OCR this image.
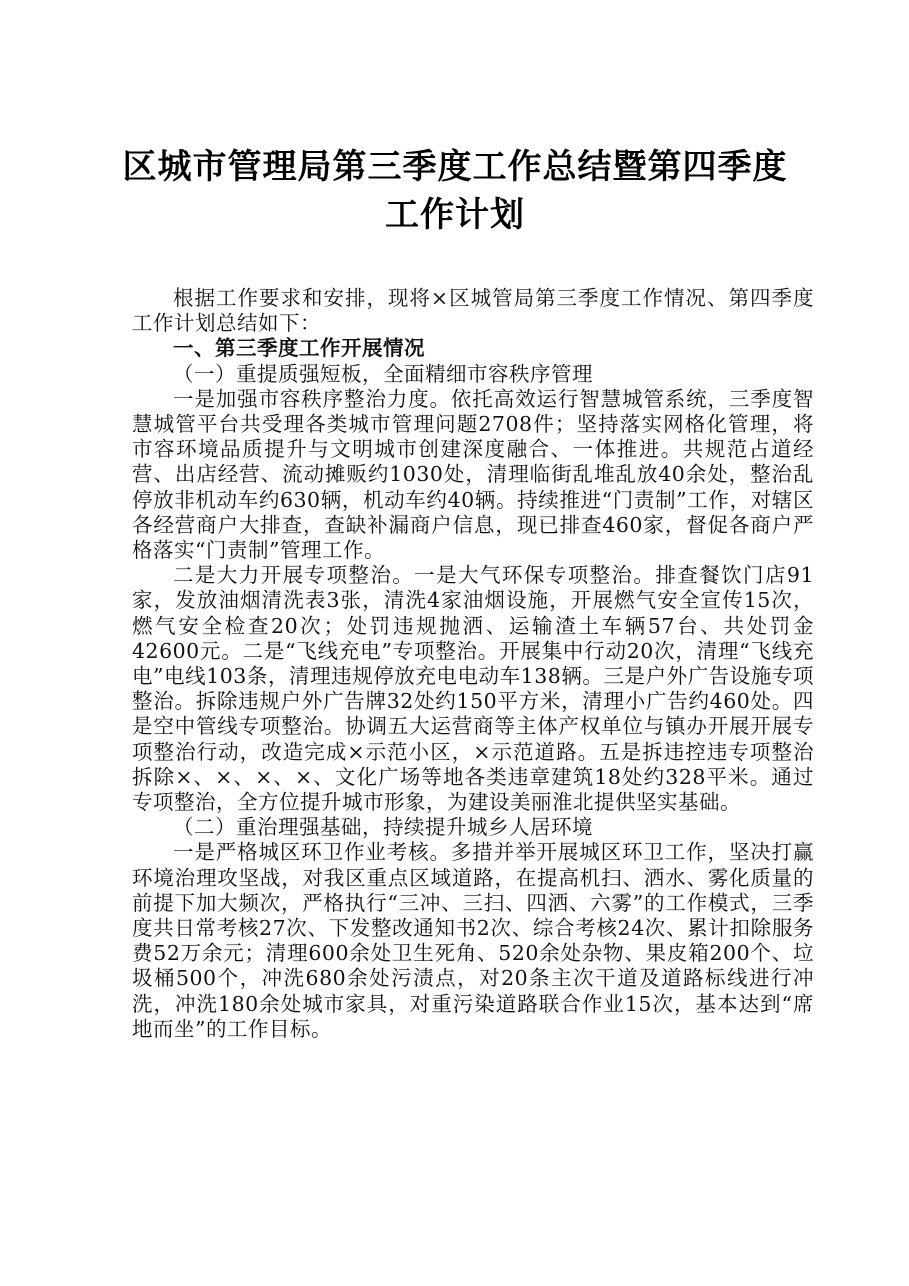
区城市管理局第三季度工作总结暨第四季度工作计划

根据工作要求和安排，现将×区城管局第三季度工作情况、第四季度工作计划总结如下：

一、第三季度工作开展情况

（一）重提质强短板，全面精细市容秩序管理

一是加强市容秩序整治力度。依托高效运行智慧城管系统，三季度智慧城管平台共受理各类城市管理问题2708件；坚持落实网格化管理，将市容环境品质提升与文明城市创建深度融合、一体推进。共规范占道经营、出店经营、流动摊贩约1030处，清理临街乱堆乱放40余处，整治乱停放非机动车约630辆，机动车约40辆。持续推进“门责制”工作，对辖区各经营商户大排查，查缺补漏商户信息，现已排查460家，督促各商户严格落实“门责制”管理工作。

二是大力开展专项整治。一是大气环保专项整治。排查餐饮门店91家，发放油烟清洗表3张，清洗4家油烟设施，开展燃气安全宣传15次，燃气安全检查20次；处罚违规抛洒、运输渣土车辆57台、共处罚金42600元。二是“飞线充电”专项整治。开展集中行动20次，清理“飞线充电”电线103条，清理违规停放充电电动车138辆。三是户外广告设施专项整治。拆除违规户外广告牌32处约150平方米，清理小广告约460处。四是空中管线专项整治。协调五大运营商等主体产权单位与镇办开展开展专项整治行动，改造完成×示范小区，×示范道路。五是拆违控违专项整治拆除×、×、×、×、文化广场等地各类违章建筑18处约328平米。通过专项整治，全方位提升城市形象，为建设美丽淮北提供坚实基础。

（二）重治理强基础，持续提升城乡人居环境

一是严格城区环卫作业考核。多措并举开展城区环卫工作，坚决打赢环境治理攻坚战，对我区重点区域道路，在提高机扫、洒水、雾化质量的前提下加大频次，严格执行“三冲、三扫、四洒、六雾”的工作模式，三季度共日常考核27次、下发整改通知书2次、综合考核24次、累计扣除服务费52万余元；清理600余处卫生死角、520余处杂物、果皮箱200个、垃圾桶500个，冲洗680余处污渍点，对20条主次干道及道路标线进行冲洗，冲洗180余处城市家具，对重污染道路联合作业15次，基本达到“席地而坐”的工作目标。
